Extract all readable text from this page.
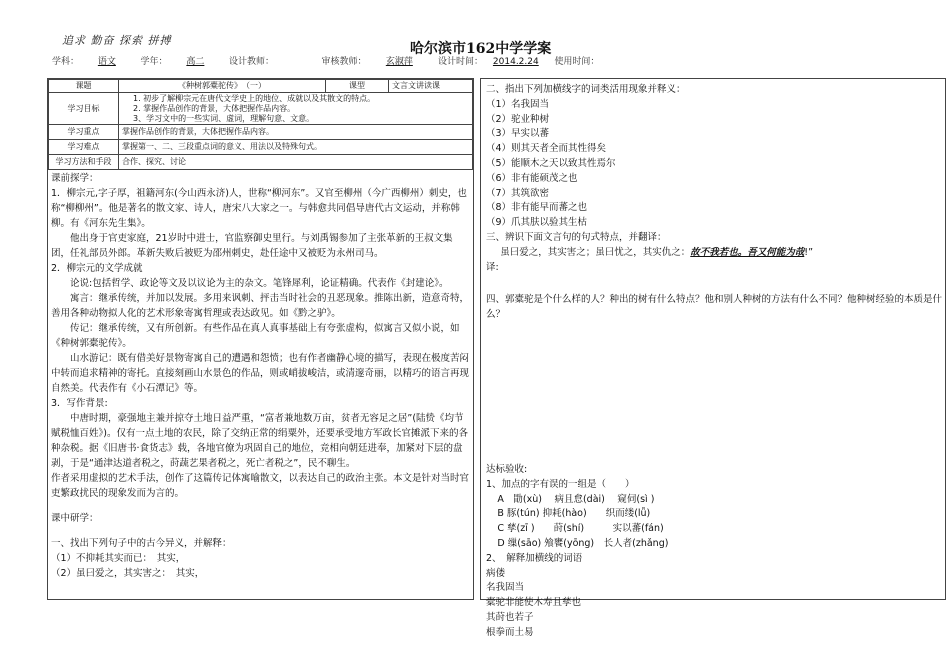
追求 勤奋 探索 拼搏
哈尔滨市162中学学案
学科： 语文	学年： 高二	设计教师：	审核教师： 玄淑萍	设计时间： 2014.2.24 使用时间：
课题	《种树郭橐驼传》　（一）	课型	文言文讲读课
学习目标	1. 初步了解柳宗元在唐代文学史上的地位、成就以及其散文的特点。
2. 掌握作品创作的背景，大体把握作品内容。
3、学习文中的一些实词、虚词，理解句意、文意。		

学习重点	掌握作品创作的背景，大体把握作品内容。		
学习难点	掌握第一、二、三段重点词的意义、用法以及特殊句式。		
学习方法和手段	合作、探究、讨论		

课前探学：

1．柳宗元,字子厚，祖籍河东(今山西永济)人，世称“柳河东”。又官至柳州（今广西柳州）刺史，也称“柳柳州”。他是著名的散文家、诗人，唐宋八大家之一。与韩愈共同倡导唐代古文运动，并称韩柳。有《河东先生集》。

他出身于官吏家庭，21岁时中进士，官监察御史里行。与刘禹锡参加了主张革新的王叔文集团，任礼部员外郎。革新失败后被贬为邵州刺史，赴任途中又被贬为永州司马。

2．柳宗元的文学成就

论说:包括哲学、政论等文及以议论为主的杂文。笔锋犀利，论证精确。代表作《封建论》。

寓言：继承传统，并加以发展。多用来讽刺、抨击当时社会的丑恶现象。推陈出新，造意奇特，善用各种动物拟人化的艺术形象寄寓哲理或表达政见。如《黔之驴》。

传记：继承传统，又有所创新。有些作品在真人真事基础上有夸张虚构，似寓言又似小说，如《种树郭橐驼传》。

山水游记：既有借美好景物寄寓自己的遭遇和怨愤；也有作者幽静心境的描写，表现在极度苦闷中转而追求精神的寄托。直接刻画山水景色的作品，则或峭拔峻洁，或清邃奇丽，以精巧的语言再现自然美。代表作有《小石潭记》等。

3．写作背景:

中唐时期，豪强地主兼并掠夺土地日益严重，“富者兼地数万亩，贫者无容足之居”(陆贽《均节赋税恤百姓》)。仅有一点土地的农民，除了交纳正常的绢粟外，还要承受地方军政长官摊派下来的各种杂税。据《旧唐书·食货志》载，各地官僚为巩固自己的地位，竞相向朝廷进奉，加紧对下层的盘剥，于是“通津达道者税之，莳蔬艺果者税之，死亡者税之”，民不聊生。

作者采用虚拟的艺术手法，创作了这篇传记体寓喻散文，以表达自己的政治主张。本文是针对当时官吏繁政扰民的现象发而为言的。

课中研学：

一、找出下列句子中的古今异义，并解释：

（1）不抑耗其实而已：　其实，

（2）虽曰爱之，其实害之：　其实，

二、指出下列加横线字的词类活用现象并释义：

（1）名我固当

（2）驼业种树

（3）早实以蕃

（4）则其天者全而其性得矣

（5）能顺木之天以致其性焉尔

（6）非有能硕茂之也

（7）其筑欲密

（8）非有能早而蕃之也

（9）爪其肤以验其生枯

三、辨识下面文言句的句式特点，并翻译：

虽曰爱之，其实害之；虽曰忧之，其实仇之：故不我若也。吾又何能为哉!”

译:

四、郭橐驼是个什么样的人？种出的树有什么特点？他和别人种树的方法有什么不同？他种树经验的本质是什么？

达标验收:

1、加点的字有误的一组是（　　）

A　勖(xù)　 病且怠(dài)　 窥伺(sì )

B 豚(tún) 抑耗(hào)　　织而缕(lǚ)

C 孳(zī )　　莳(shí)　　　实以蕃(fán)

D 缫(sāo) 飧饔(yōng)　长人者(zhǎng)

2、　解释加横线的词语

病偻

名我固当

橐驼非能使木寿且孳也

其莳也若子

根拳而土易
